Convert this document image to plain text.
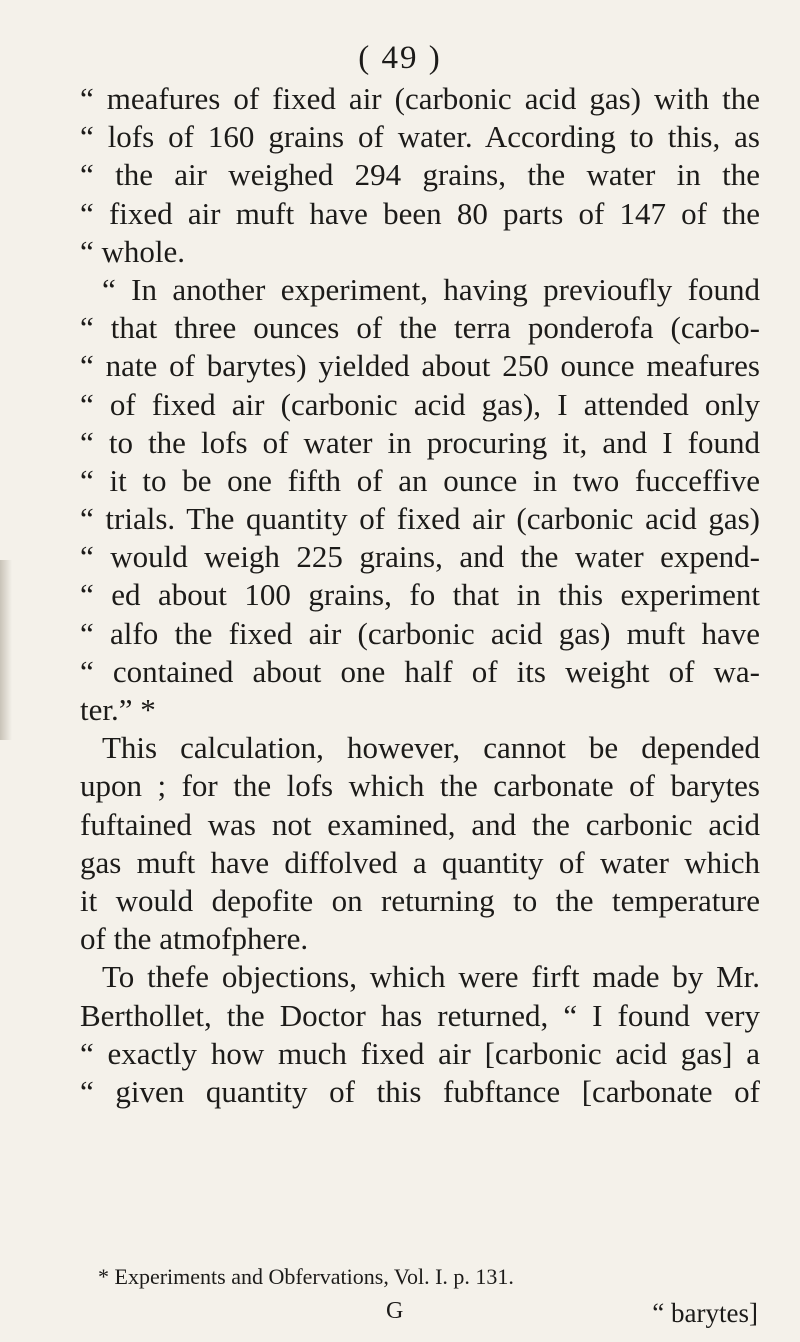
( 49 )
“ meafures of fixed air (carbonic acid gas) with the
“ lofs of 160 grains of water. According to this, as
“ the air weighed 294 grains, the water in the
“ fixed air muft have been 80 parts of 147 of the
“ whole.
“ In another experiment, having previoufly found
“ that three ounces of the terra ponderofa (carbo-
“ nate of barytes) yielded about 250 ounce meafures
“ of fixed air (carbonic acid gas), I attended only
“ to the lofs of water in procuring it, and I found
“ it to be one fifth of an ounce in two fucceffive
“ trials. The quantity of fixed air (carbonic acid gas)
“ would weigh 225 grains, and the water expend-
“ ed about 100 grains, fo that in this experiment
“ alfo the fixed air (carbonic acid gas) muft have
“ contained about one half of its weight of wa-
ter.” *
This calculation, however, cannot be depended
upon ; for the lofs which the carbonate of barytes
fuftained was not examined, and the carbonic acid
gas muft have diffolved a quantity of water which
it would depofite on returning to the temperature
of the atmofphere.
To thefe objections, which were firft made by Mr.
Berthollet, the Doctor has returned, “ I found very
“ exactly how much fixed air [carbonic acid gas] a
“ given quantity of this fubftance [carbonate of
* Experiments and Obfervations, Vol. I. p. 131.
G	“ barytes]
